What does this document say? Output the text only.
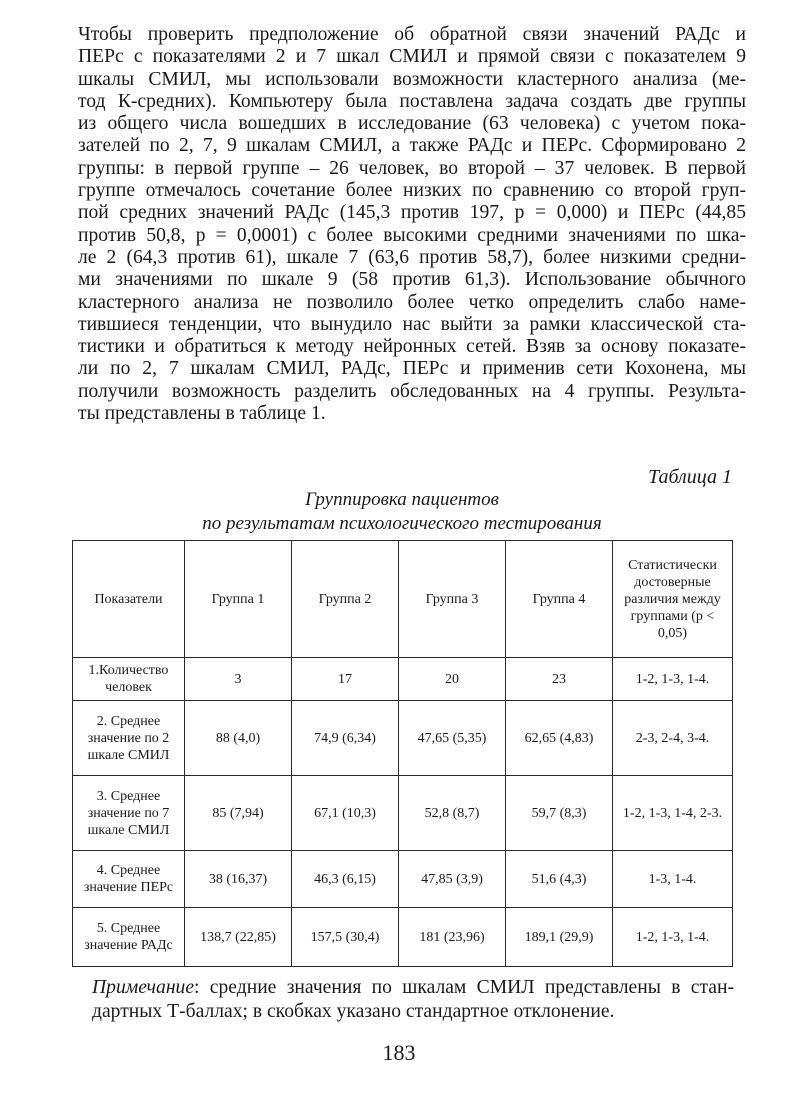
Чтобы проверить предположение об обратной связи значений РАДс и
ПЕРс с показателями 2 и 7 шкал СМИЛ и прямой связи с показателем 9
шкалы СМИЛ, мы использовали возможности кластерного анализа (ме-
тод К-средних). Компьютеру была поставлена задача создать две группы
из общего числа вошедших в исследование (63 человека) с учетом пока-
зателей по 2, 7, 9 шкалам СМИЛ, а также РАДс и ПЕРс. Сформировано 2
группы: в первой группе – 26 человек, во второй – 37 человек. В первой
группе отмечалось сочетание более низких по сравнению со второй груп-
пой средних значений РАДс (145,3 против 197, p = 0,000) и ПЕРс (44,85
против 50,8, p = 0,0001) с более высокими средними значениями по шка-
ле 2 (64,3 против 61), шкале 7 (63,6 против 58,7), более низкими средни-
ми значениями по шкале 9 (58 против 61,3). Использование обычного
кластерного анализа не позволило более четко определить слабо наме-
тившиеся тенденции, что вынудило нас выйти за рамки классической ста-
тистики и обратиться к методу нейронных сетей. Взяв за основу показате-
ли по 2, 7 шкалам СМИЛ, РАДс, ПЕРс и применив сети Кохонена, мы
получили возможность разделить обследованных на 4 группы. Результа-
ты представлены в таблице 1.
Таблица 1
Группировка пациентов
по результатам психологического тестирования
Показатели	Группа 1	Группа 2	Группа 3	Группа 4	Статистически достоверные различия между группами (p < 0,05)
1.Количество человек	3	17	20	23	1-2, 1-3, 1-4.
2. Среднее значение по 2 шкале СМИЛ	88 (4,0)	74,9 (6,34)	47,65 (5,35)	62,65 (4,83)	2-3, 2-4, 3-4.
3. Среднее значение по 7 шкале СМИЛ	85 (7,94)	67,1 (10,3)	52,8 (8,7)	59,7 (8,3)	1-2, 1-3, 1-4, 2-3.
4. Среднее значение ПЕРс	38 (16,37)	46,3 (6,15)	47,85 (3,9)	51,6 (4,3)	1-3, 1-4.
5. Среднее значение РАДс	138,7 (22,85)	157,5 (30,4)	181 (23,96)	189,1 (29,9)	1-2, 1-3, 1-4.
Примечание: средние значения по шкалам СМИЛ представлены в стан-
дартных Т-баллах; в скобках указано стандартное отклонение.
183
